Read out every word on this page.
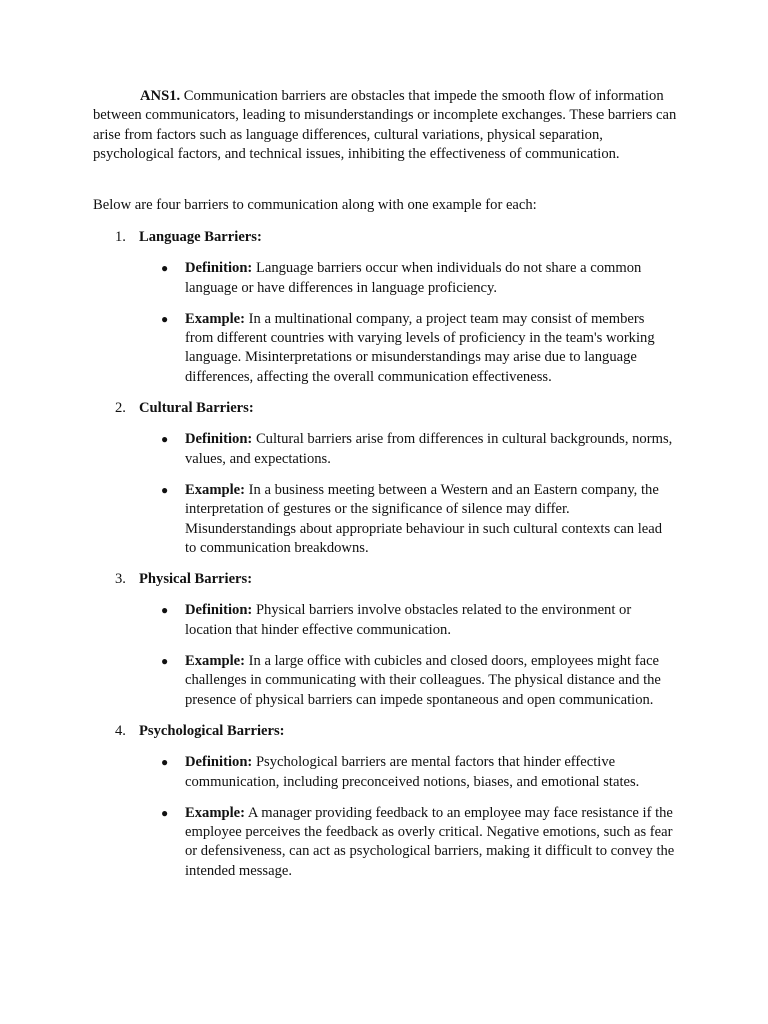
ANS1. Communication barriers are obstacles that impede the smooth flow of information between communicators, leading to misunderstandings or incomplete exchanges. These barriers can arise from factors such as language differences, cultural variations, physical separation, psychological factors, and technical issues, inhibiting the effectiveness of communication.

Below are four barriers to communication along with one example for each:

1. Language Barriers:
● Definition: Language barriers occur when individuals do not share a common language or have differences in language proficiency.
● Example: In a multinational company, a project team may consist of members from different countries with varying levels of proficiency in the team's working language. Misinterpretations or misunderstandings may arise due to language differences, affecting the overall communication effectiveness.
2. Cultural Barriers:
● Definition: Cultural barriers arise from differences in cultural backgrounds, norms, values, and expectations.
● Example: In a business meeting between a Western and an Eastern company, the interpretation of gestures or the significance of silence may differ. Misunderstandings about appropriate behaviour in such cultural contexts can lead to communication breakdowns.
3. Physical Barriers:
● Definition: Physical barriers involve obstacles related to the environment or location that hinder effective communication.
● Example: In a large office with cubicles and closed doors, employees might face challenges in communicating with their colleagues. The physical distance and the presence of physical barriers can impede spontaneous and open communication.
4. Psychological Barriers:
● Definition: Psychological barriers are mental factors that hinder effective communication, including preconceived notions, biases, and emotional states.
● Example: A manager providing feedback to an employee may face resistance if the employee perceives the feedback as overly critical. Negative emotions, such as fear or defensiveness, can act as psychological barriers, making it difficult to convey the intended message.
